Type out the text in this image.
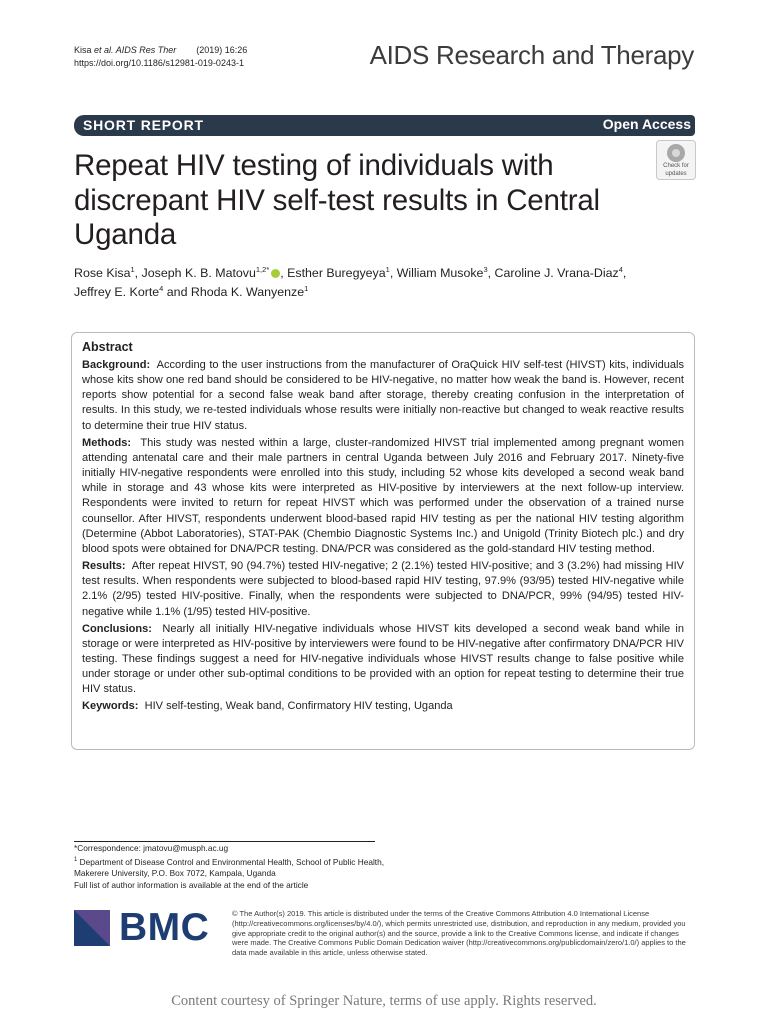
Kisa et al. AIDS Res Ther (2019) 16:26
https://doi.org/10.1186/s12981-019-0243-1	AIDS Research and Therapy
SHORT REPORT	Open Access
Repeat HIV testing of individuals with discrepant HIV self-test results in Central Uganda
Check for
updates
Rose Kisa$^1$, Joseph K. B. Matovu$^{1,2*}$ , Esther Buregyeya$^1$, William Musoke$^3$, Caroline J. Vrana-Diaz$^4$,
Jeffrey E. Korte$^4$ and Rhoda K. Wanyenze$^1$
Abstract

Background: According to the user instructions from the manufacturer of OraQuick HIV self-test (HIVST) kits, individuals whose kits show one red band should be considered to be HIV-negative, no matter how weak the band is. However, recent reports show potential for a second false weak band after storage, thereby creating confusion in the interpretation of results. In this study, we re-tested individuals whose results were initially non-reactive but changed to weak reactive results to determine their true HIV status.

Methods: This study was nested within a large, cluster-randomized HIVST trial implemented among pregnant women attending antenatal care and their male partners in central Uganda between July 2016 and February 2017. Ninety-five initially HIV-negative respondents were enrolled into this study, including 52 whose kits developed a second weak band while in storage and 43 whose kits were interpreted as HIV-positive by interviewers at the next follow-up interview. Respondents were invited to return for repeat HIVST which was performed under the observation of a trained nurse counsellor. After HIVST, respondents underwent blood-based rapid HIV testing as per the national HIV testing algorithm (Determine (Abbot Laboratories), STAT-PAK (Chembio Diagnostic Systems Inc.) and Unigold (Trinity Biotech plc.) and dry blood spots were obtained for DNA/PCR testing. DNA/PCR was considered as the gold-standard HIV testing method.

Results: After repeat HIVST, 90 (94.7%) tested HIV-negative; 2 (2.1%) tested HIV-positive; and 3 (3.2%) had missing HIV test results. When respondents were subjected to blood-based rapid HIV testing, 97.9% (93/95) tested HIV-negative while 2.1% (2/95) tested HIV-positive. Finally, when the respondents were subjected to DNA/PCR, 99% (94/95) tested HIV-negative while 1.1% (1/95) tested HIV-positive.

Conclusions: Nearly all initially HIV-negative individuals whose HIVST kits developed a second weak band while in storage or were interpreted as HIV-positive by interviewers were found to be HIV-negative after confirmatory DNA/PCR HIV testing. These findings suggest a need for HIV-negative individuals whose HIVST results change to false positive while under storage or under other sub-optimal conditions to be provided with an option for repeat testing to determine their true HIV status.

Keywords: HIV self-testing, Weak band, Confirmatory HIV testing, Uganda

*Correspondence: jmatovu@musph.ac.ug
$^1$ Department of Disease Control and Environmental Health, School of Public Health, Makerere University, P.O. Box 7072, Kampala, Uganda
Full list of author information is available at the end of the article
BMC	© The Author(s) 2019. This article is distributed under the terms of the Creative Commons Attribution 4.0 International License (http://creativecommons.org/licenses/by/4.0/), which permits unrestricted use, distribution, and reproduction in any medium, provided you give appropriate credit to the original author(s) and the source, provide a link to the Creative Commons license, and indicate if changes were made. The Creative Commons Public Domain Dedication waiver (http://creativecommons.org/publicdomain/zero/1.0/) applies to the data made available in this article, unless otherwise stated.
Content courtesy of Springer Nature, terms of use apply. Rights reserved.
